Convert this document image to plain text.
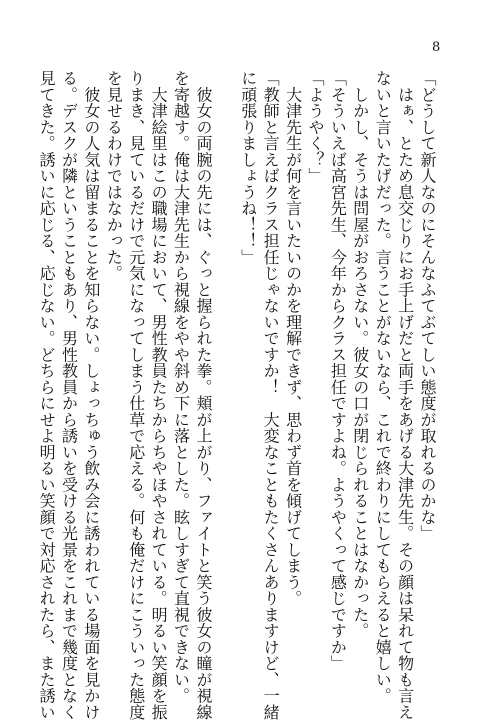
8
「どうして新人なのにそんなふてぶてしい態度が取れるのかな」
　はぁ、とため息交じりにお手上げだと両手をあげる大津先生。その顔は呆れて物も言え
ないと言いたげだった。言うことがないなら、これで終わりにしてもらえると嬉しい。
　しかし、そうは問屋がおろさない。彼女の口が閉じられることはなかった。
「そういえば高宮先生、今年からクラス担任ですよね。ようやくって感じですか」
「ようやく？」
　大津先生が何を言いたいのかを理解できず、思わず首を傾げてしまう。
「教師と言えばクラス担任じゃないですか！　大変なこともたくさんありますけど、一緒
に頑張りましょうね！！」
　彼女の両腕の先には、ぐっと握られた拳。頬が上がり、ファイトと笑う彼女の瞳が視線
を寄越す。俺は大津先生から視線をやや斜め下に落とした。眩しすぎて直視できない。
　大津絵里はこの職場において、男性教員たちからちやほやされている。明るい笑顔を振
りまき、見ているだけで元気になってしまう仕草で応える。何も俺だけにこういった態度
を見せるわけではなかった。
　彼女の人気は留まることを知らない。しょっちゅう飲み会に誘われている場面を見かけ
る。デスクが隣ということもあり、男性教員から誘いを受ける光景をこれまで幾度となく
見てきた。誘いに応じる、応じない。どちらにせよ明るい笑顔で対応されたら、また誘い
